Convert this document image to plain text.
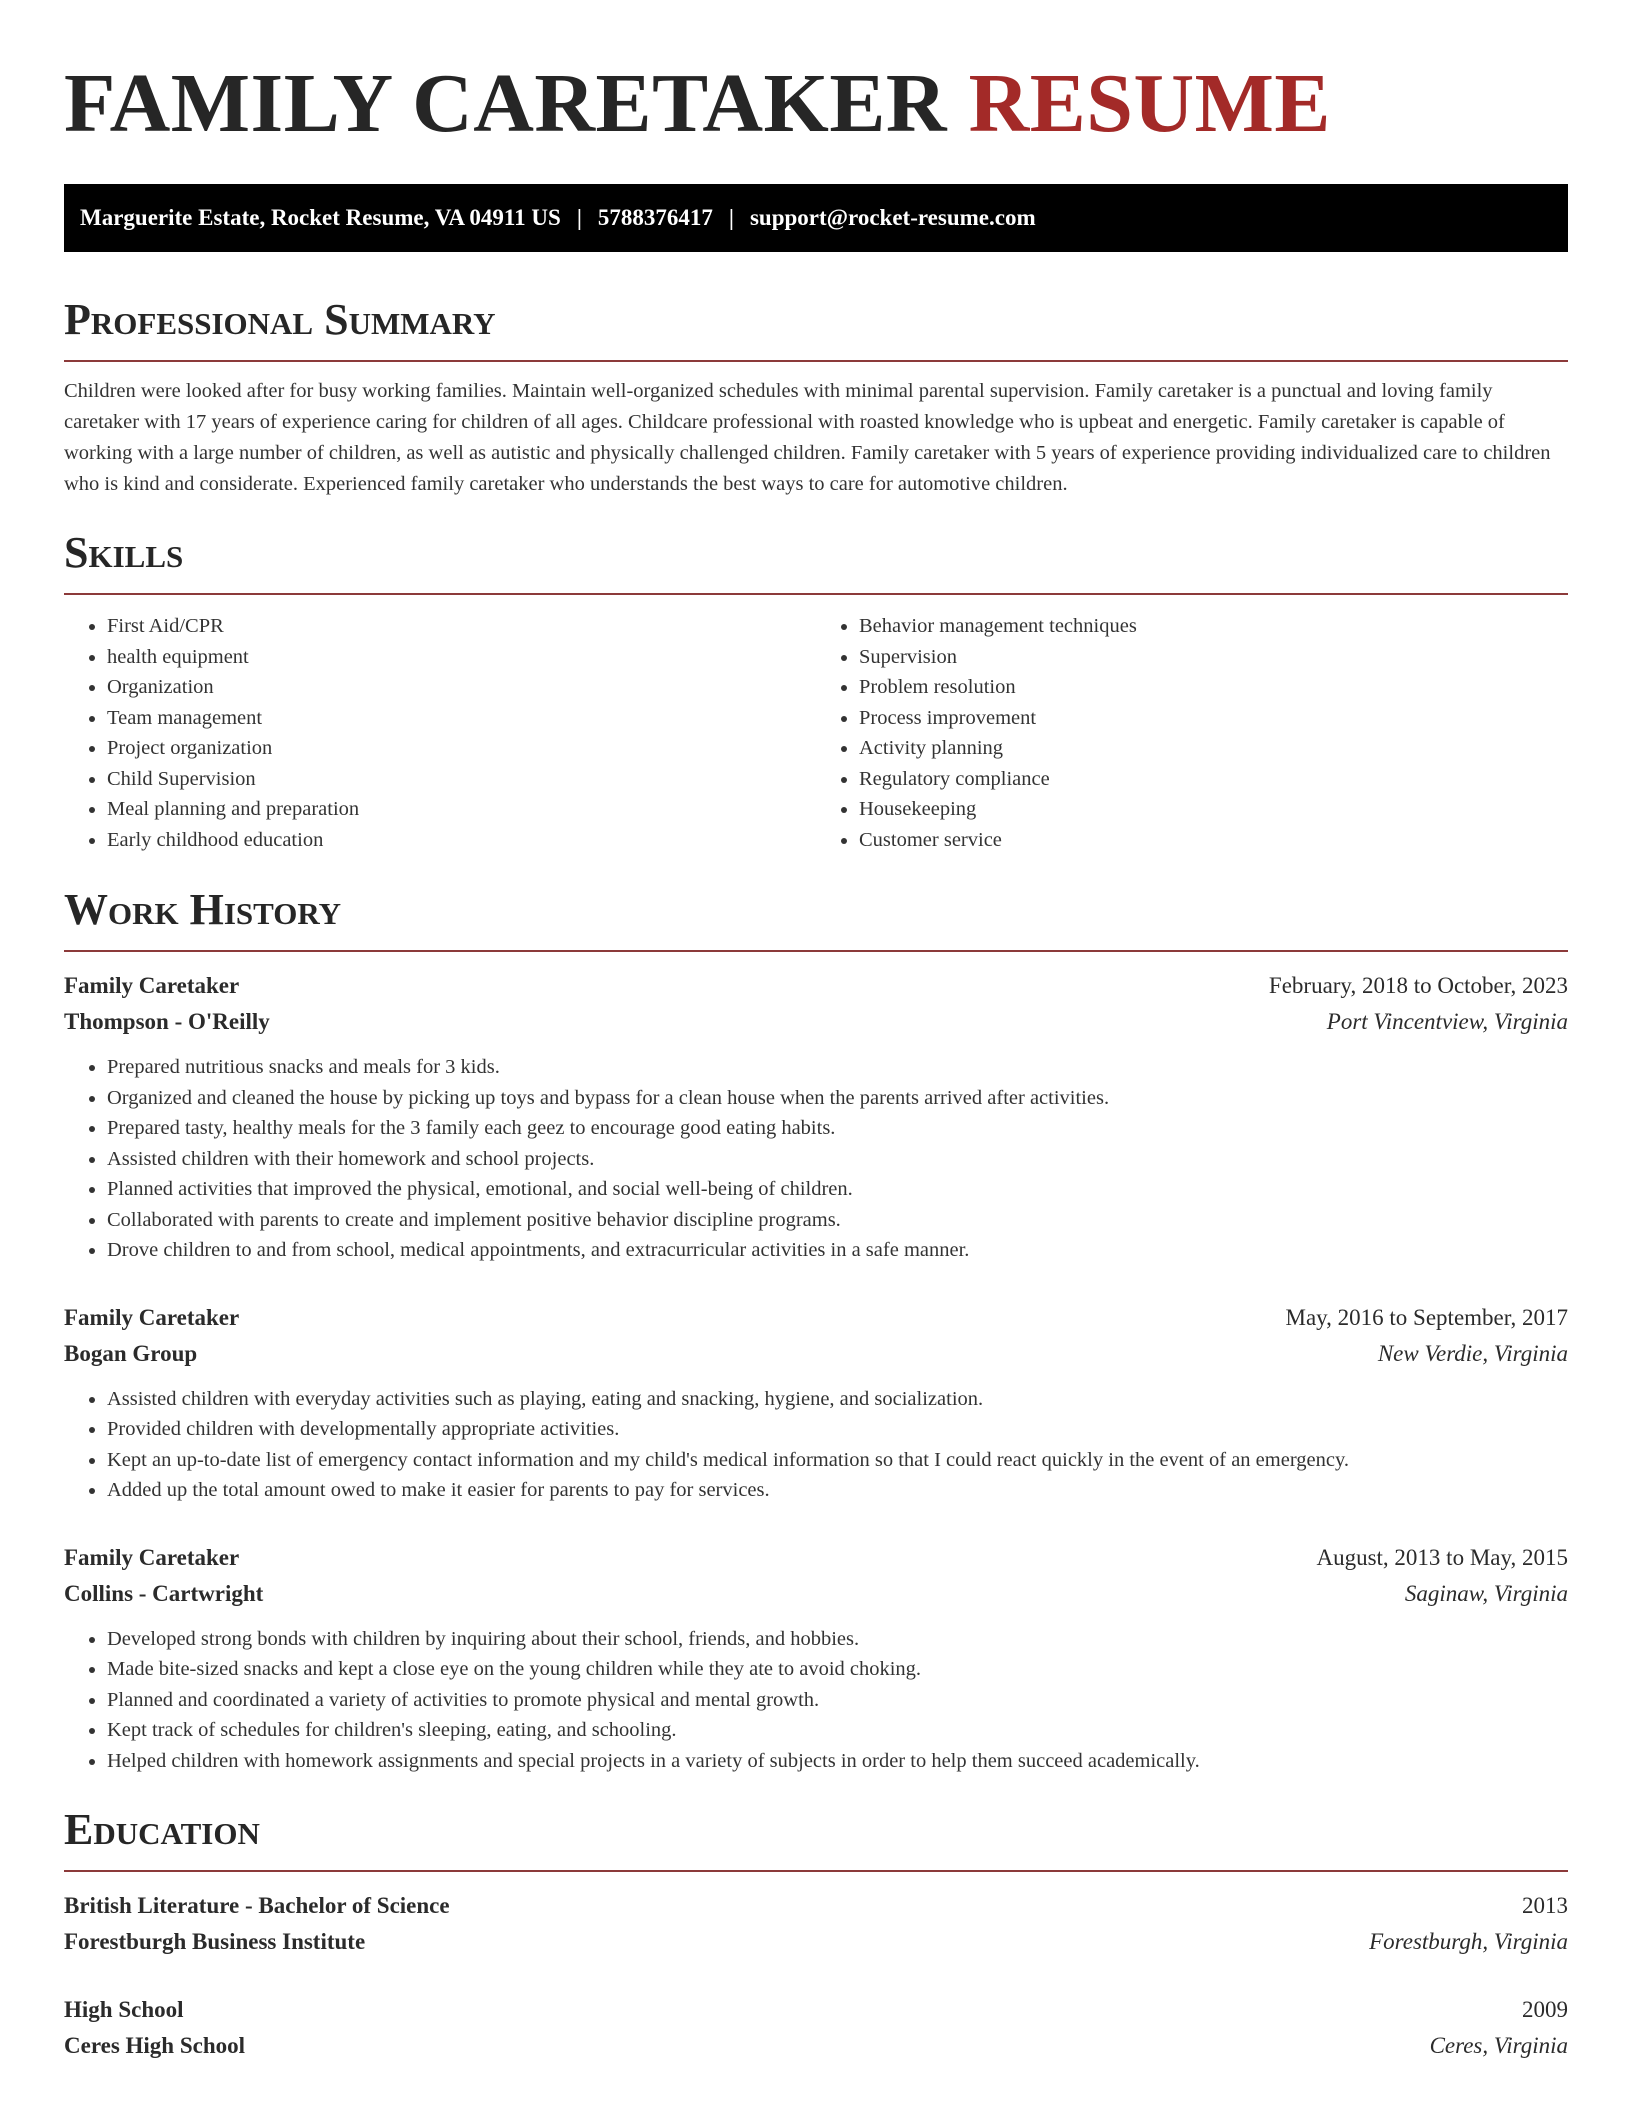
FAMILY CARETAKER RESUME
Marguerite Estate, Rocket Resume, VA 04911 US | 5788376417 | support@rocket-resume.com
Professional Summary

Children were looked after for busy working families. Maintain well-organized schedules with minimal parental supervision. Family caretaker is a punctual and loving family caretaker with 17 years of experience caring for children of all ages. Childcare professional with roasted knowledge who is upbeat and energetic. Family caretaker is capable of working with a large number of children, as well as autistic and physically challenged children. Family caretaker with 5 years of experience providing individualized care to children who is kind and considerate. Experienced family caretaker who understands the best ways to care for automotive children.

Skills
• First Aid/CPR
• health equipment
• Organization
• Team management
• Project organization
• Child Supervision
• Meal planning and preparation
• Early childhood education
• Behavior management techniques
• Supervision
• Problem resolution
• Process improvement
• Activity planning
• Regulatory compliance
• Housekeeping
• Customer service
Work History
Family Caretaker	February, 2018 to October, 2023
Thompson - O'Reilly	Port Vincentview, Virginia
• Prepared nutritious snacks and meals for 3 kids.
• Organized and cleaned the house by picking up toys and bypass for a clean house when the parents arrived after activities.
• Prepared tasty, healthy meals for the 3 family each geez to encourage good eating habits.
• Assisted children with their homework and school projects.
• Planned activities that improved the physical, emotional, and social well-being of children.
• Collaborated with parents to create and implement positive behavior discipline programs.
• Drove children to and from school, medical appointments, and extracurricular activities in a safe manner.
Family Caretaker	May, 2016 to September, 2017
Bogan Group	New Verdie, Virginia
• Assisted children with everyday activities such as playing, eating and snacking, hygiene, and socialization.
• Provided children with developmentally appropriate activities.
• Kept an up-to-date list of emergency contact information and my child's medical information so that I could react quickly in the event of an emergency.
• Added up the total amount owed to make it easier for parents to pay for services.
Family Caretaker	August, 2013 to May, 2015
Collins - Cartwright	Saginaw, Virginia
• Developed strong bonds with children by inquiring about their school, friends, and hobbies.
• Made bite-sized snacks and kept a close eye on the young children while they ate to avoid choking.
• Planned and coordinated a variety of activities to promote physical and mental growth.
• Kept track of schedules for children's sleeping, eating, and schooling.
• Helped children with homework assignments and special projects in a variety of subjects in order to help them succeed academically.
Education
British Literature - Bachelor of Science	2013
Forestburgh Business Institute	Forestburgh, Virginia
High School	2009
Ceres High School	Ceres, Virginia
